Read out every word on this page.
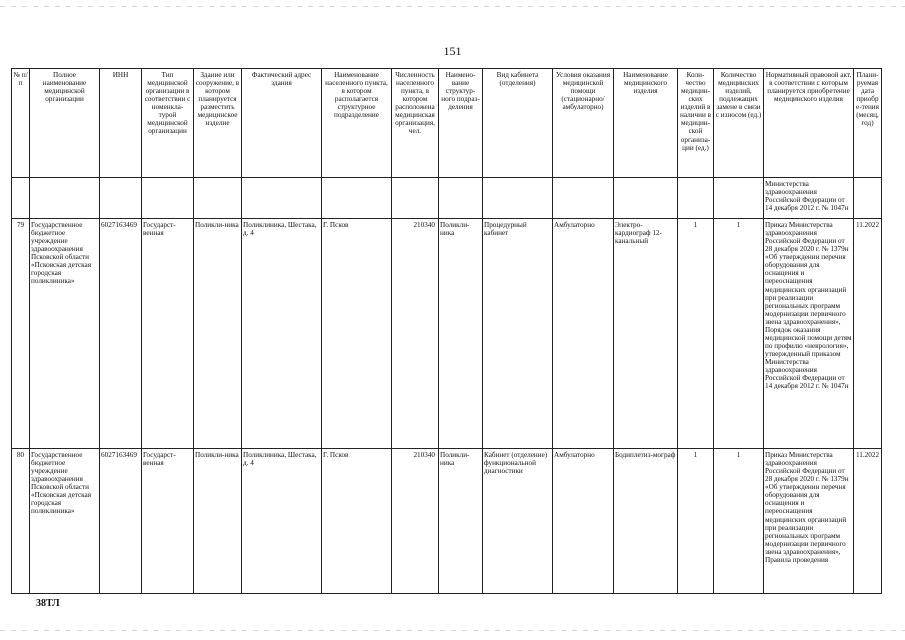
151
№ п/п	Полное наименование медицинской организации	ИНН	Тип медицинской организации в соответствии с номенкла-турой медицинской организации	Здание или сооружение, в котором планируется разместить медицинское изделие	Фактический адрес здания	Наименование населенного пункта, в котором располагается структурное подразделение	Численность населенного пункта, в котором расположена медицинская организация, чел.	Наимено-вание структур-ного подраз-деления	Вид кабинета (отделения)	Условия оказания медицинской помощи (стационарно/ амбулаторно)	Наименование медицинского изделия	Коли-чество медицин-ских изделий в наличии в медицин-ской организа-ции (ед.)	Количество медицинских изделий, подлежащих замене в связи с износом (ед.)	Нормативный правовой акт, в соответствии с которым планируется приобретение медицинского изделия	Плани-руемая дата приобре-тения (месяц, год)
														Министерства здравоохранения Российской Федерации от 14 декабря 2012 г. № 1047н	
79	Государственное бюджетное учреждение здравоохранения Псковской области «Псковская детская городская поликлиника»	6027163469	Государст-венная	Поликли-ника	Поликлиника, Шестака, д. 4	Г. Псков	210340	Поликли-ника	Процедурный кабинет	Амбулаторно	Электро-кардиограф 12-канальный	1	1	Приказ Министерства здравоохранения Российской Федерации от 28 декабря 2020 г. № 1379н «Об утверждении перечня оборудования для оснащения и переоснащения медицинских организаций при реализации региональных программ модернизации первичного звена здравоохранения», Порядок оказания медицинской помощи детям по профилю «неврология», утвержденный приказом Министерства здравоохранения Российской Федерации от 14 декабря 2012 г. № 1047н	11.2022
80	Государственное бюджетное учреждение здравоохранения Псковской области «Псковская детская городская поликлиника»	6027163469	Государст-венная	Поликли-ника	Поликлиника, Шестака, д. 4	Г. Псков	210340	Поликли-ника	Кабинет (отделение) функциональной диагностики	Амбулаторно	Бодиплетиз-мограф	1	1	Приказ Министерства здравоохранения Российской Федерации от 28 декабря 2020 г. № 1379н «Об утверждении перечня оборудования для оснащения и переоснащения медицинских организаций при реализации региональных программ модернизации первичного звена здравоохранения», Правила проведения	11.2022
38ТЛ
